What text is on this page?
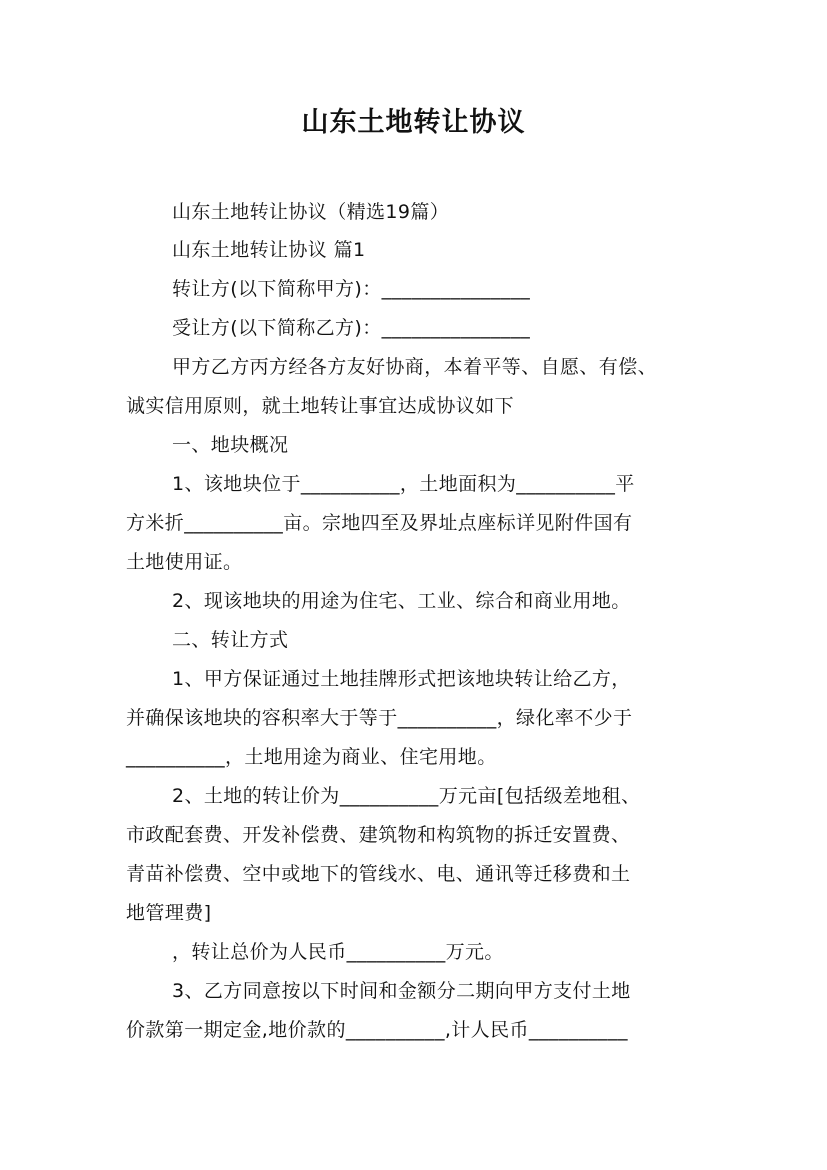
山东土地转让协议
山东土地转让协议（精选19篇）
山东土地转让协议 篇1
转让方(以下简称甲方)：_______________
受让方(以下简称乙方)：_______________
甲方乙方丙方经各方友好协商，本着平等、自愿、有偿、
诚实信用原则，就土地转让事宜达成协议如下
一、地块概况
1、该地块位于__________，土地面积为__________平
方米折__________亩。宗地四至及界址点座标详见附件国有
土地使用证。
2、现该地块的用途为住宅、工业、综合和商业用地。
二、转让方式
1、甲方保证通过土地挂牌形式把该地块转让给乙方，
并确保该地块的容积率大于等于__________，绿化率不少于
__________，土地用途为商业、住宅用地。
2、土地的转让价为__________万元亩[包括级差地租、
市政配套费、开发补偿费、建筑物和构筑物的拆迁安置费、
青苗补偿费、空中或地下的管线水、电、通讯等迁移费和土
地管理费]
，转让总价为人民币__________万元。
3、乙方同意按以下时间和金额分二期向甲方支付土地
价款第一期定金,地价款的__________,计人民币__________
